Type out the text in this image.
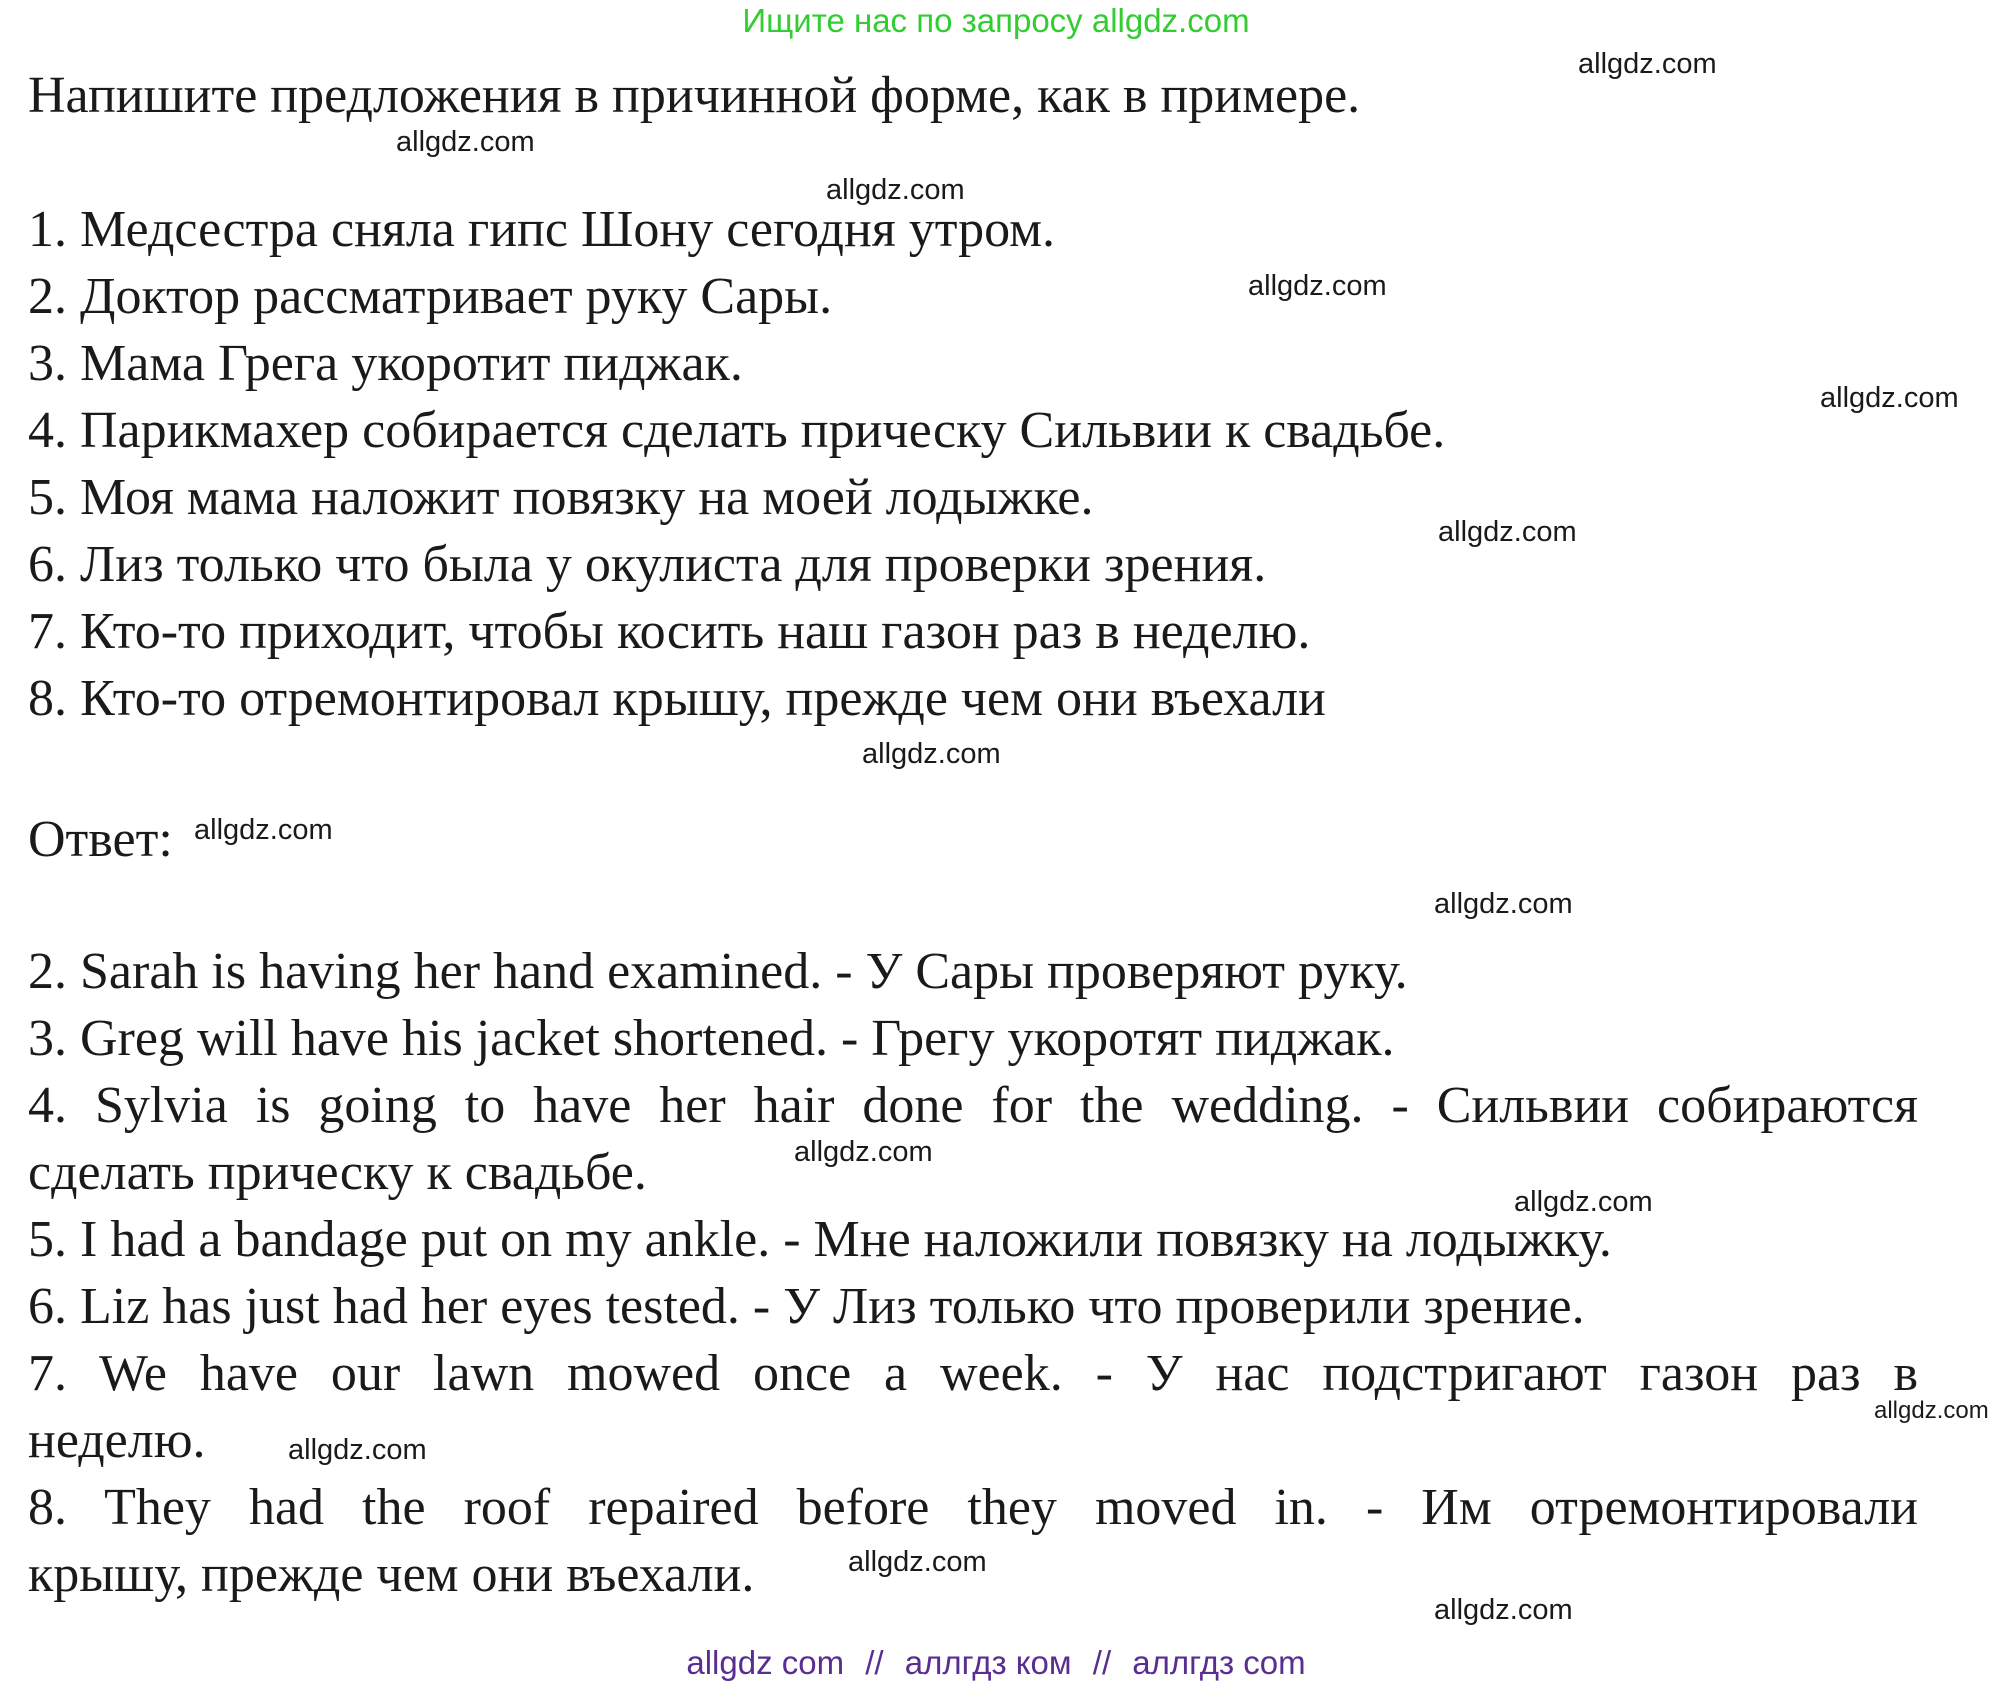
Ищите нас по запросу allgdz.com
Напишите предложения в причинной форме, как в примере.
1. Медсестра сняла гипс Шону сегодня утром.
2. Доктор рассматривает руку Сары.
3. Мама Грега укоротит пиджак.
4. Парикмахер собирается сделать прическу Сильвии к свадьбе.
5. Моя мама наложит повязку на моей лодыжке.
6. Лиз только что была у окулиста для проверки зрения.
7. Кто-то приходит, чтобы косить наш газон раз в неделю.
8. Кто-то отремонтировал крышу, прежде чем они въехали
Ответ:
2. Sarah is having her hand examined. - У Сары проверяют руку.
3. Greg will have his jacket shortened. - Грегу укоротят пиджак.
4. Sylvia is going to have her hair done for the wedding. - Сильвии собираются
сделать прическу к свадьбе.
5. I had a bandage put on my ankle. - Мне наложили повязку на лодыжку.
6. Liz has just had her eyes tested. - У Лиз только что проверили зрение.
7. We have our lawn mowed once a week. - У нас подстригают газон раз в
неделю.
8. They had the roof repaired before they moved in. - Им отремонтировали
крышу, прежде чем они въехали.
allgdz.com
allgdz.com
allgdz.com
allgdz.com
allgdz.com
allgdz.com
allgdz.com
allgdz.com
allgdz.com
allgdz.com
allgdz.com
allgdz.com
allgdz.com
allgdz.com
allgdz.com
allgdz com // аллгдз ком // аллгдз com
